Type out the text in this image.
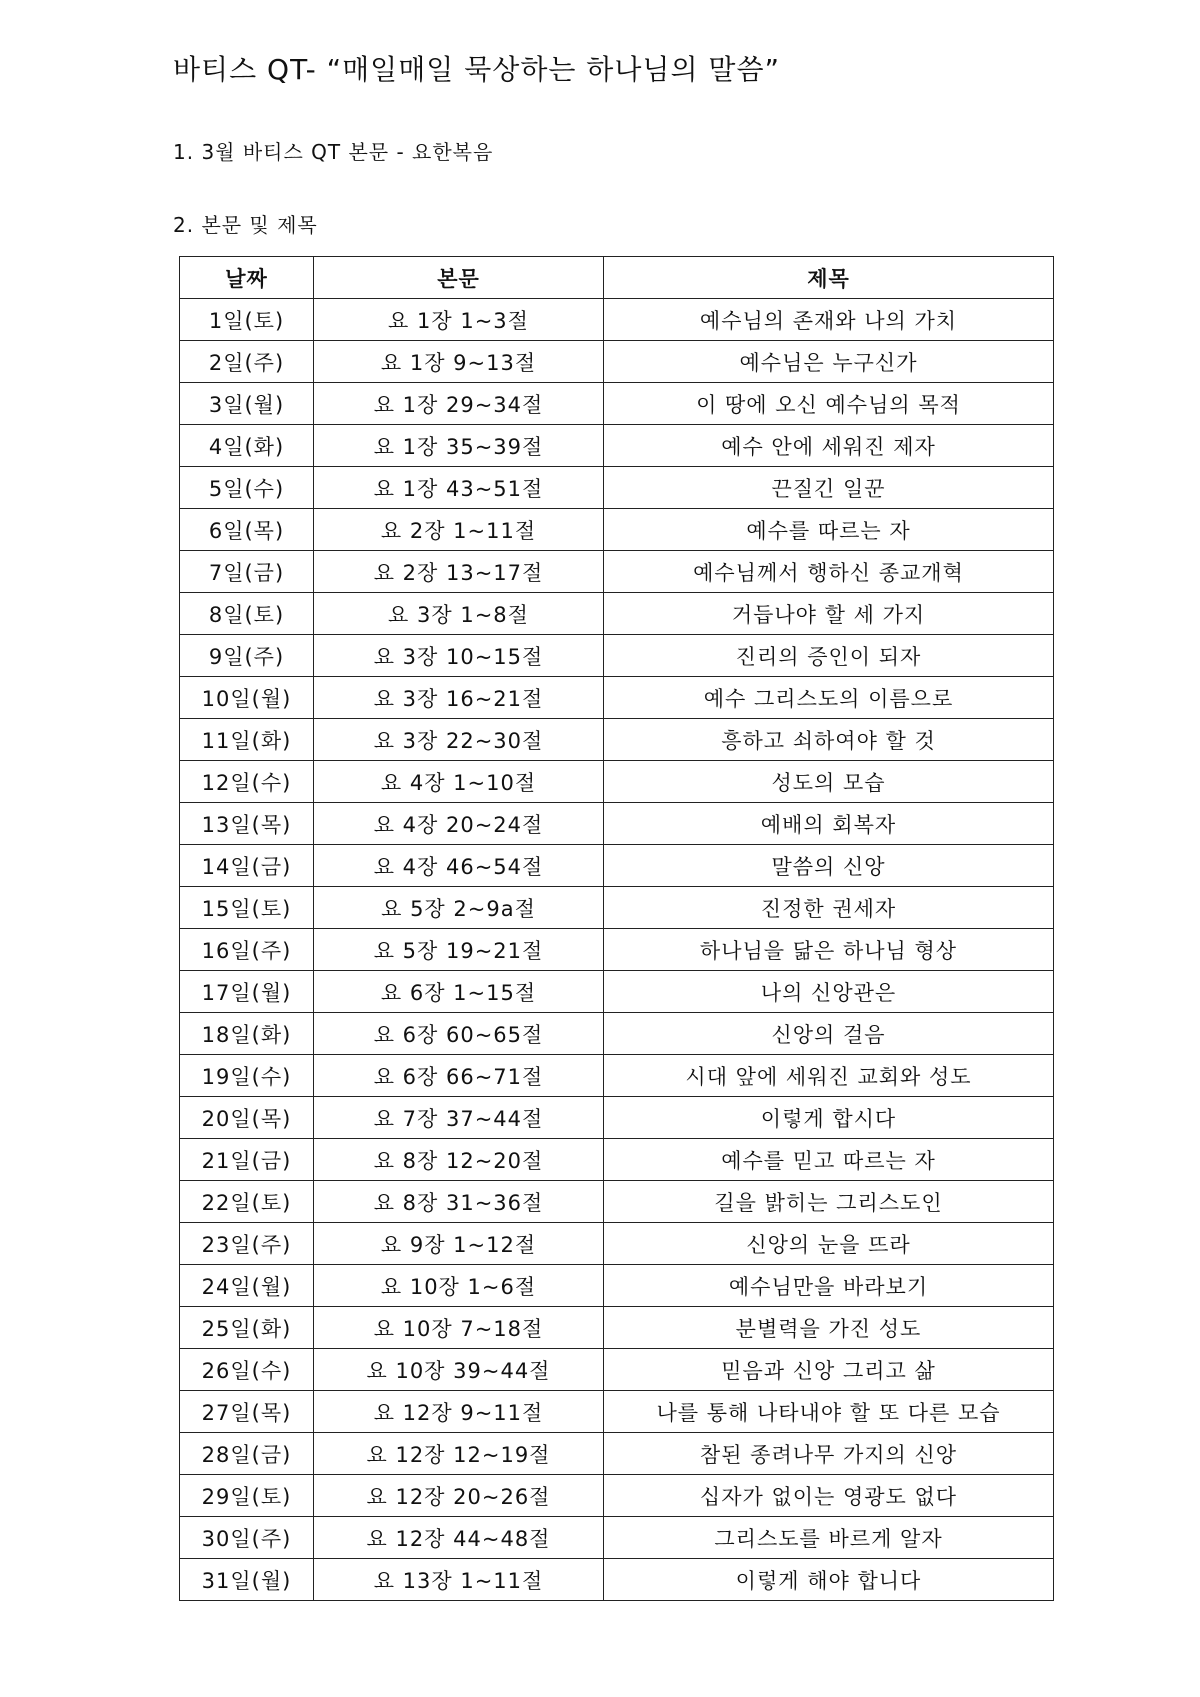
바티스 QT- “매일매일 묵상하는 하나님의 말씀”
1. 3월 바티스 QT 본문 - 요한복음
2. 본문 및 제목
날짜	본문	제목
1일(토)	요 1장 1~3절	예수님의 존재와 나의 가치
2일(주)	요 1장 9~13절	예수님은 누구신가
3일(월)	요 1장 29~34절	이 땅에 오신 예수님의 목적
4일(화)	요 1장 35~39절	예수 안에 세워진 제자
5일(수)	요 1장 43~51절	끈질긴 일꾼
6일(목)	요 2장 1~11절	예수를 따르는 자
7일(금)	요 2장 13~17절	예수님께서 행하신 종교개혁
8일(토)	요 3장 1~8절	거듭나야 할 세 가지
9일(주)	요 3장 10~15절	진리의 증인이 되자
10일(월)	요 3장 16~21절	예수 그리스도의 이름으로
11일(화)	요 3장 22~30절	흥하고 쇠하여야 할 것
12일(수)	요 4장 1~10절	성도의 모습
13일(목)	요 4장 20~24절	예배의 회복자
14일(금)	요 4장 46~54절	말씀의 신앙
15일(토)	요 5장 2~9a절	진정한 권세자
16일(주)	요 5장 19~21절	하나님을 닮은 하나님 형상
17일(월)	요 6장 1~15절	나의 신앙관은
18일(화)	요 6장 60~65절	신앙의 걸음
19일(수)	요 6장 66~71절	시대 앞에 세워진 교회와 성도
20일(목)	요 7장 37~44절	이렇게 합시다
21일(금)	요 8장 12~20절	예수를 믿고 따르는 자
22일(토)	요 8장 31~36절	길을 밝히는 그리스도인
23일(주)	요 9장 1~12절	신앙의 눈을 뜨라
24일(월)	요 10장 1~6절	예수님만을 바라보기
25일(화)	요 10장 7~18절	분별력을 가진 성도
26일(수)	요 10장 39~44절	믿음과 신앙 그리고 삶
27일(목)	요 12장 9~11절	나를 통해 나타내야 할 또 다른 모습
28일(금)	요 12장 12~19절	참된 종려나무 가지의 신앙
29일(토)	요 12장 20~26절	십자가 없이는 영광도 없다
30일(주)	요 12장 44~48절	그리스도를 바르게 알자
31일(월)	요 13장 1~11절	이렇게 해야 합니다
